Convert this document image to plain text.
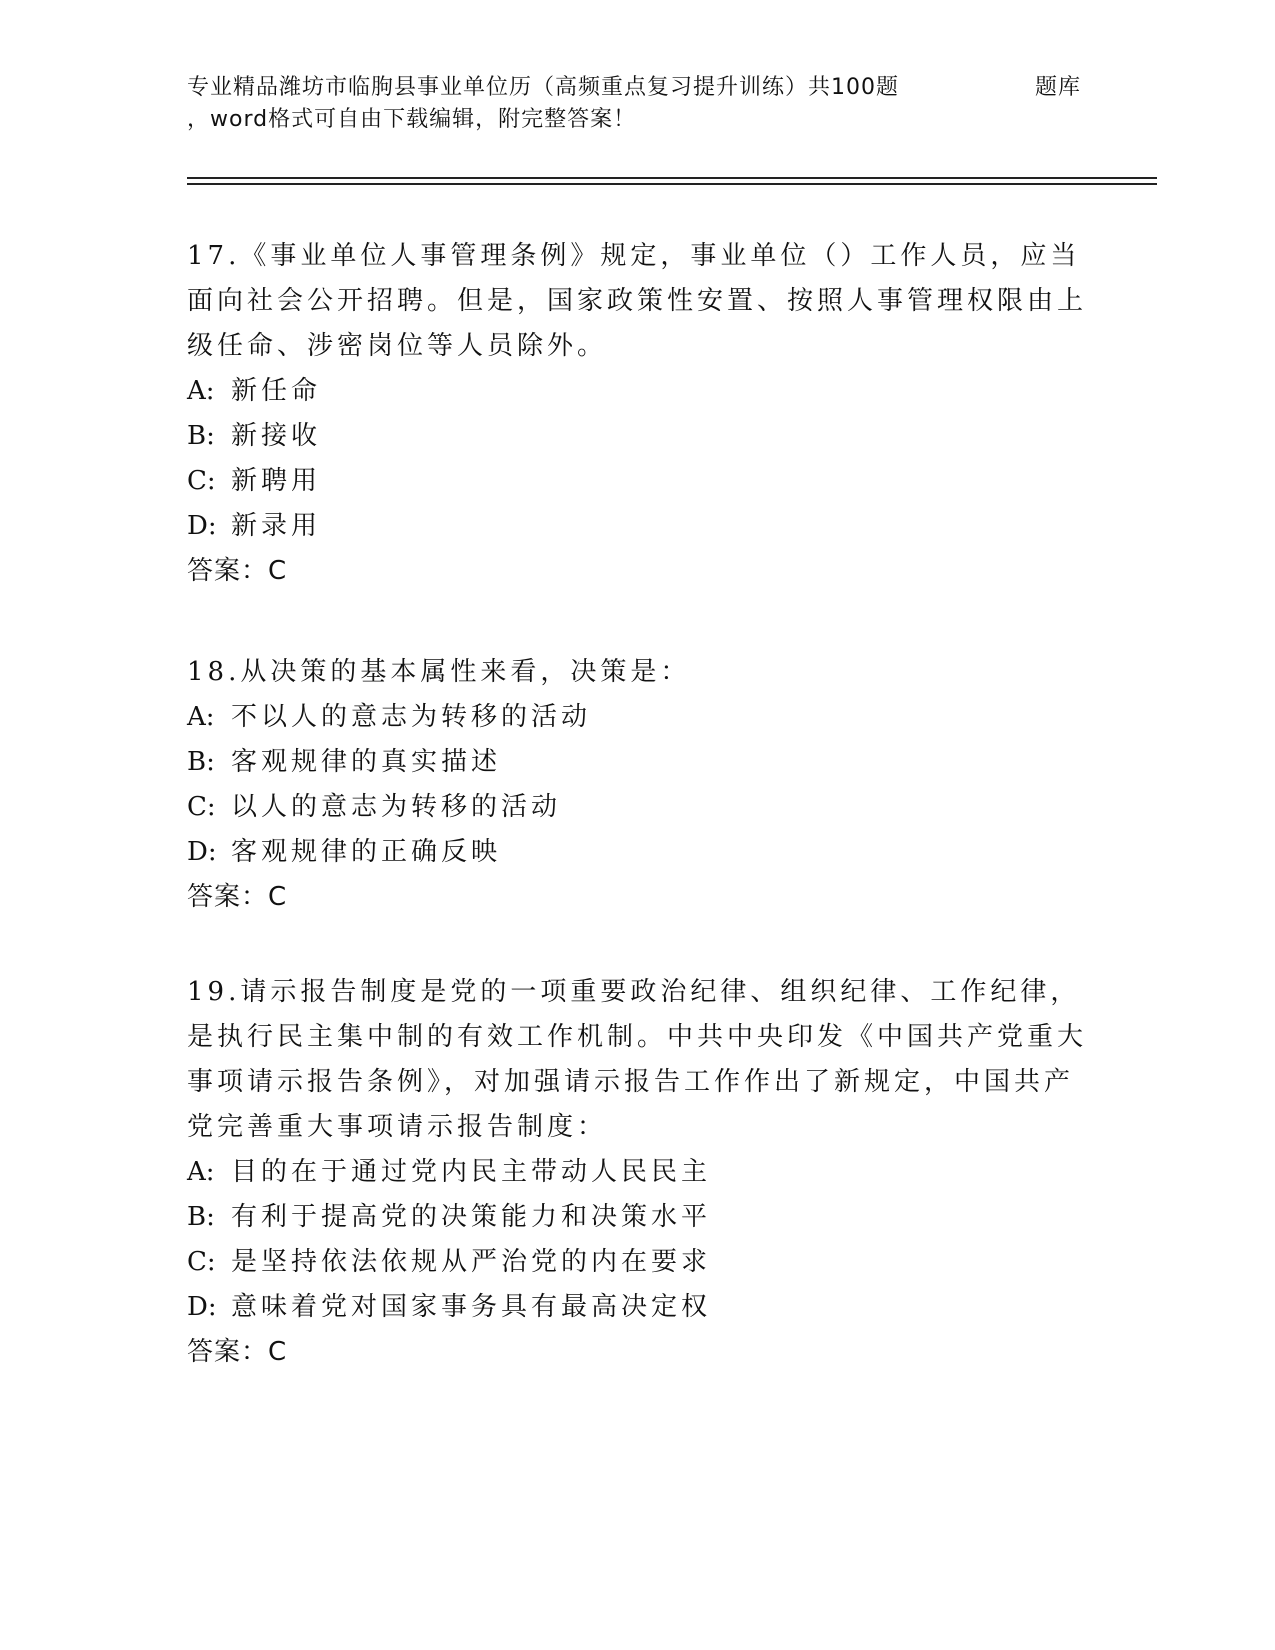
专业精品潍坊市临朐县事业单位历（高频重点复习提升训练）共100题	题库
，word格式可自由下载编辑，附完整答案！

17.《事业单位人事管理条例》规定，事业单位（）工作人员，应当面向社会公开招聘。但是，国家政策性安置、按照人事管理权限由上级任命、涉密岗位等人员除外。

A: 新任命

B: 新接收

C: 新聘用

D: 新录用

答案：C

18.从决策的基本属性来看，决策是：

A: 不以人的意志为转移的活动

B: 客观规律的真实描述

C: 以人的意志为转移的活动

D: 客观规律的正确反映

答案：C

19.请示报告制度是党的一项重要政治纪律、组织纪律、工作纪律，是执行民主集中制的有效工作机制。中共中央印发《中国共产党重大事项请示报告条例》，对加强请示报告工作作出了新规定，中国共产党完善重大事项请示报告制度：

A: 目的在于通过党内民主带动人民民主

B: 有利于提高党的决策能力和决策水平

C: 是坚持依法依规从严治党的内在要求

D: 意味着党对国家事务具有最高决定权

答案：C
